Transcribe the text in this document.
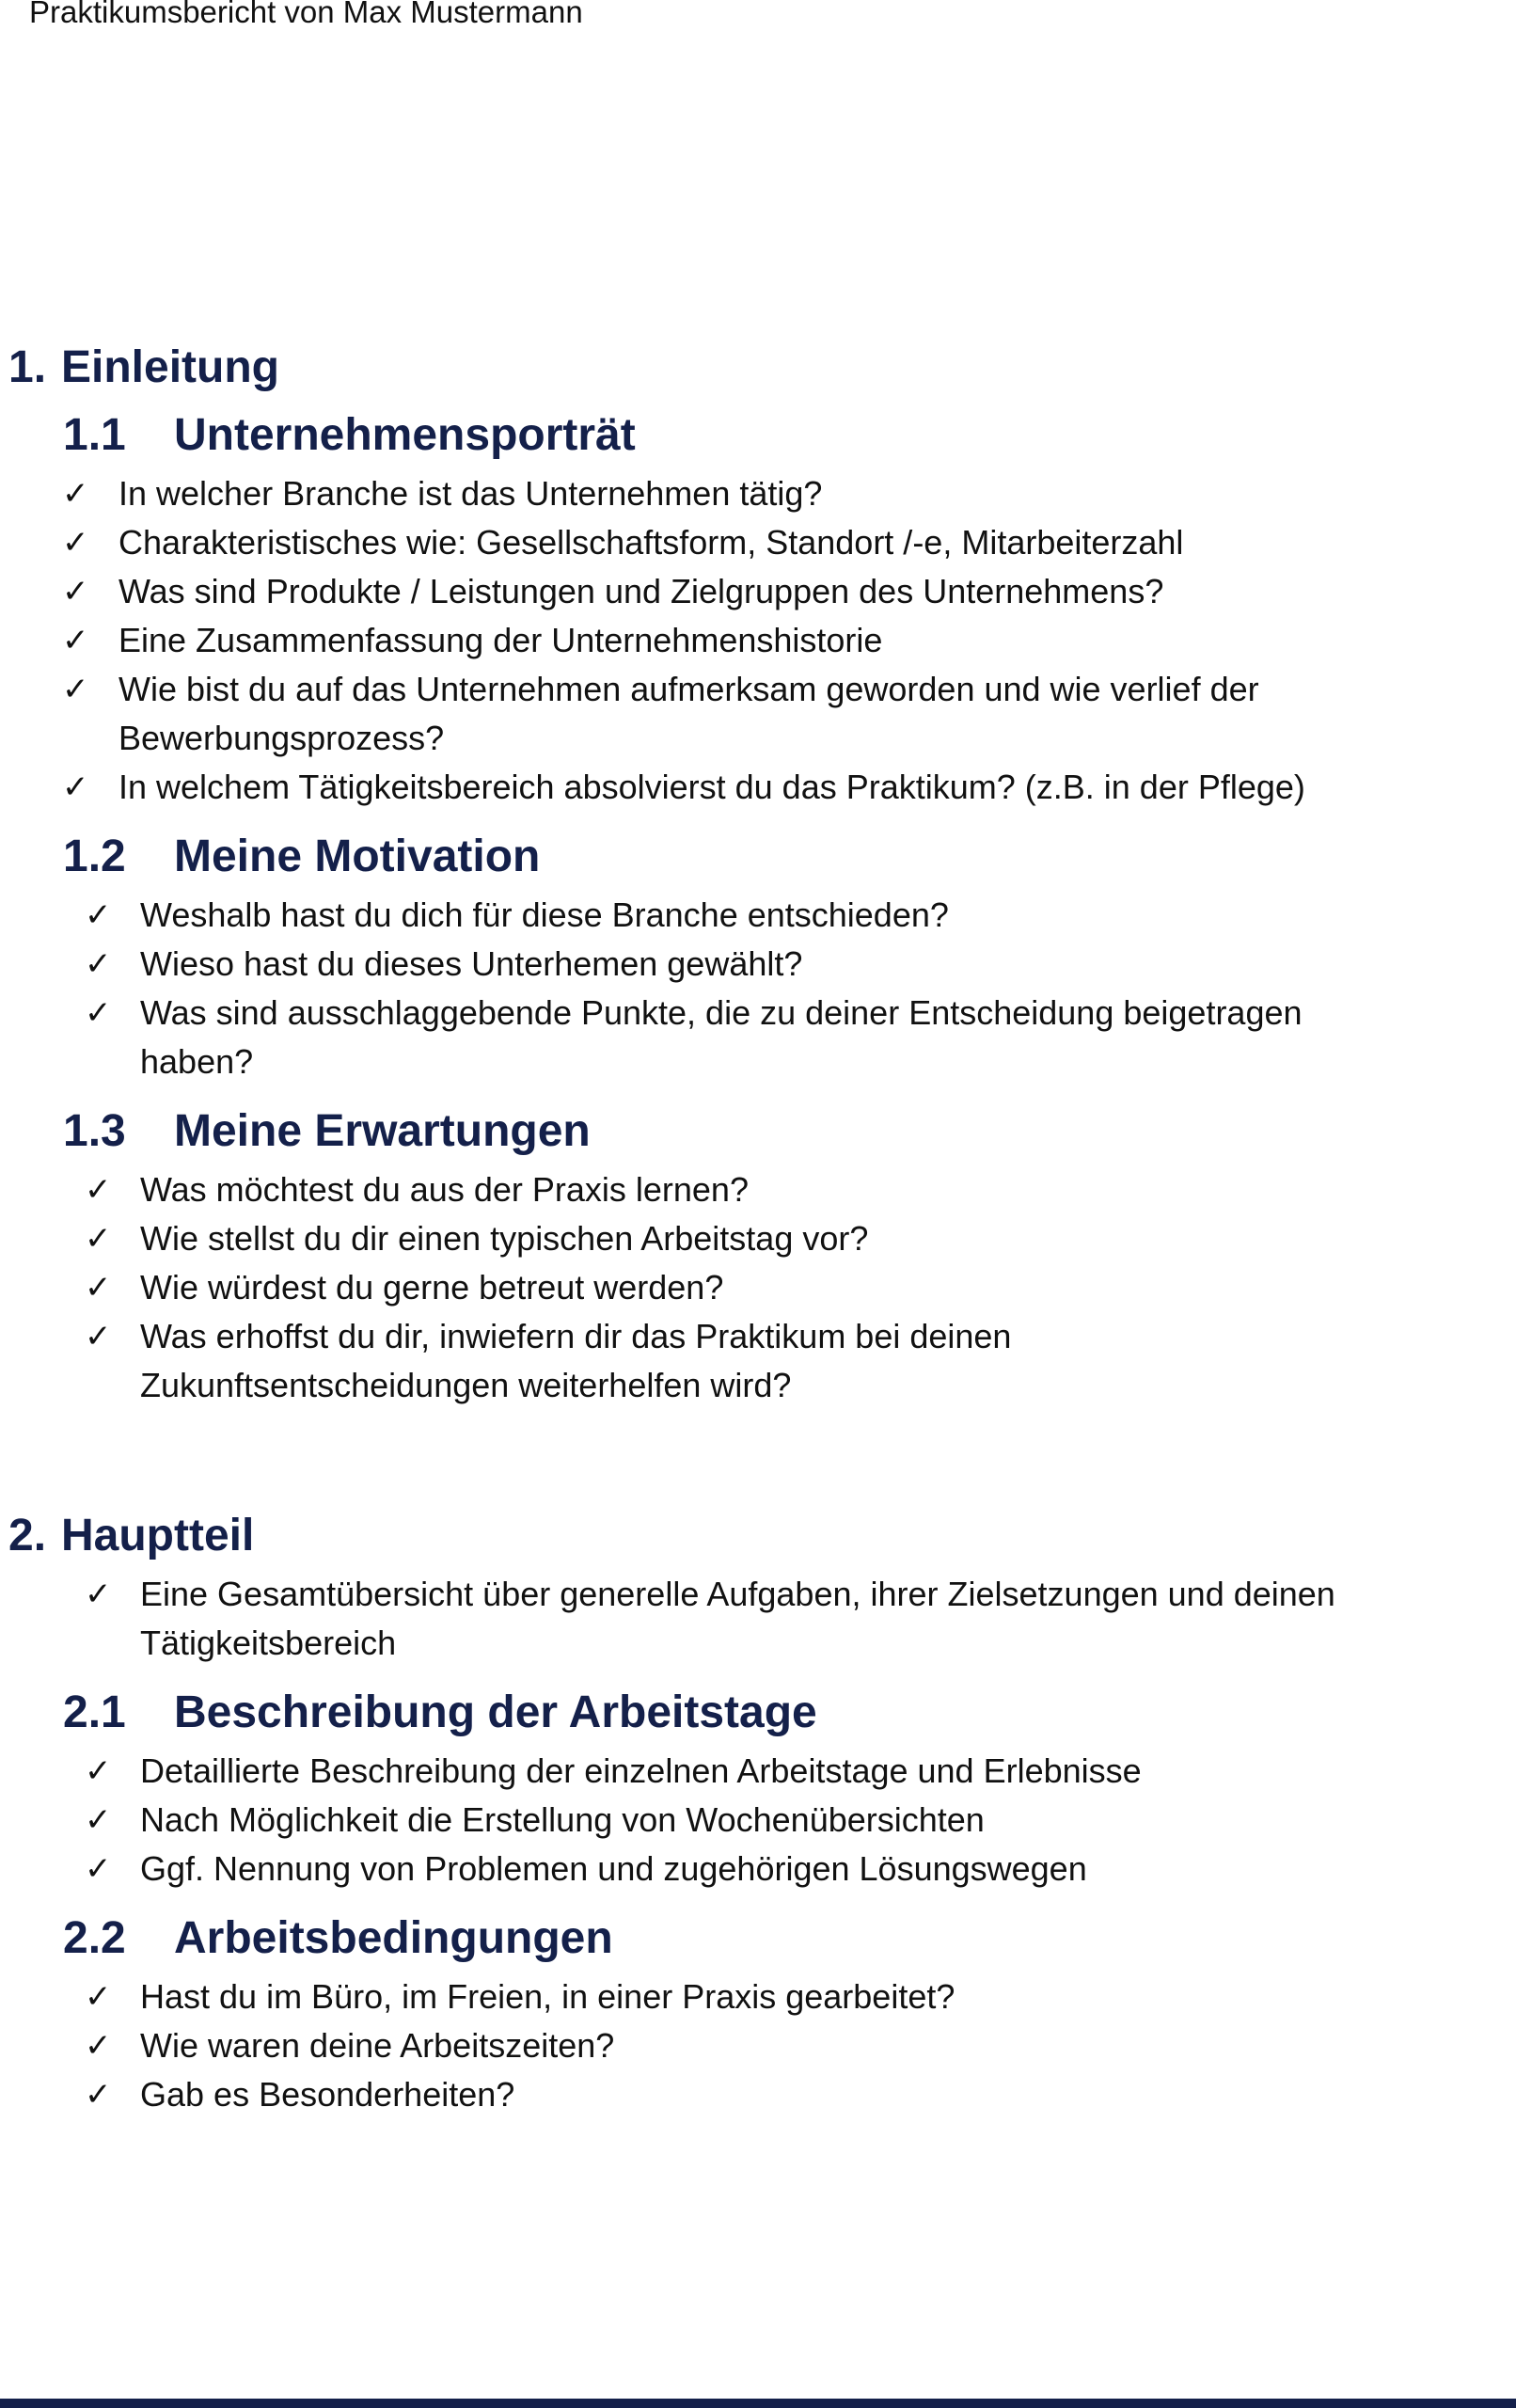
Praktikumsbericht von Max Mustermann
1. Einleitung
1.1 Unternehmensporträt
✓ In welcher Branche ist das Unternehmen tätig?
✓ Charakteristisches wie: Gesellschaftsform, Standort /-e, Mitarbeiterzahl
✓ Was sind Produkte / Leistungen und Zielgruppen des Unternehmens?
✓ Eine Zusammenfassung der Unternehmenshistorie
✓ Wie bist du auf das Unternehmen aufmerksam geworden und wie verlief der Bewerbungsprozess?
✓ In welchem Tätigkeitsbereich absolvierst du das Praktikum? (z.B. in der Pflege)
1.2 Meine Motivation
✓ Weshalb hast du dich für diese Branche entschieden?
✓ Wieso hast du dieses Unterhemen gewählt?
✓ Was sind ausschlaggebende Punkte, die zu deiner Entscheidung beigetragen haben?
1.3 Meine Erwartungen
✓ Was möchtest du aus der Praxis lernen?
✓ Wie stellst du dir einen typischen Arbeitstag vor?
✓ Wie würdest du gerne betreut werden?
✓ Was erhoffst du dir, inwiefern dir das Praktikum bei deinen Zukunftsentscheidungen weiterhelfen wird?
2. Hauptteil
✓ Eine Gesamtübersicht über generelle Aufgaben, ihrer Zielsetzungen und deinen Tätigkeitsbereich
2.1 Beschreibung der Arbeitstage
✓ Detaillierte Beschreibung der einzelnen Arbeitstage und Erlebnisse
✓ Nach Möglichkeit die Erstellung von Wochenübersichten
✓ Ggf. Nennung von Problemen und zugehörigen Lösungswegen
2.2 Arbeitsbedingungen
✓ Hast du im Büro, im Freien, in einer Praxis gearbeitet?
✓ Wie waren deine Arbeitszeiten?
✓ Gab es Besonderheiten?
